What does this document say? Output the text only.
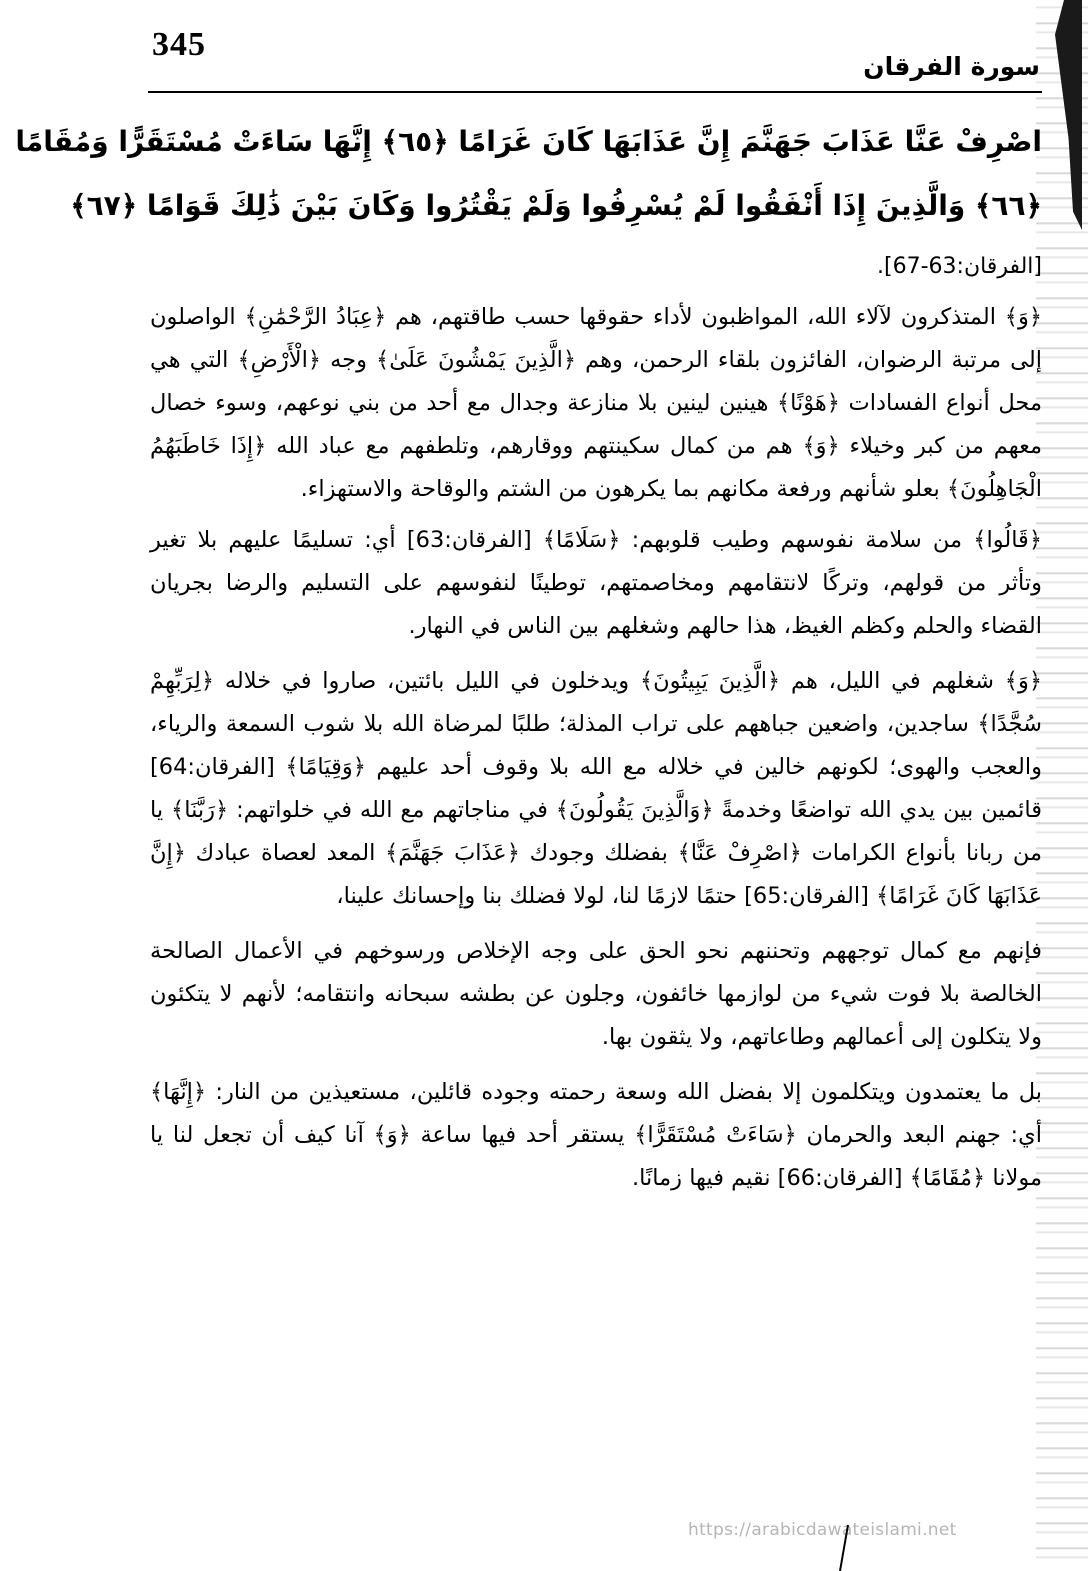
345
سورة الفرقان
اصْرِفْ عَنَّا عَذَابَ جَهَنَّمَ إِنَّ عَذَابَهَا كَانَ غَرَامًا ﴿٦٥﴾ إِنَّهَا سَاءَتْ مُسْتَقَرًّا وَمُقَامًا
﴿٦٦﴾ وَالَّذِينَ إِذَا أَنْفَقُوا لَمْ يُسْرِفُوا وَلَمْ يَقْتُرُوا وَكَانَ بَيْنَ ذَٰلِكَ قَوَامًا ﴿٦٧﴾
[الفرقان:63-67].

﴿وَ﴾ المتذكرون لآلاء الله، المواظبون لأداء حقوقها حسب طاقتهم، هم ﴿عِبَادُ الرَّحْمَٰنِ﴾ الواصلون إلى مرتبة الرضوان، الفائزون بلقاء الرحمن، وهم ﴿الَّذِينَ يَمْشُونَ عَلَىٰ﴾ وجه ﴿الْأَرْضِ﴾ التي هي محل أنواع الفسادات ﴿هَوْنًا﴾ هينين لينين بلا منازعة وجدال مع أحد من بني نوعهم، وسوء خصال معهم من كبر وخيلاء ﴿وَ﴾ هم من كمال سكينتهم ووقارهم، وتلطفهم مع عباد الله ﴿إِذَا خَاطَبَهُمُ الْجَاهِلُونَ﴾ بعلو شأنهم ورفعة مكانهم بما يكرهون من الشتم والوقاحة والاستهزاء.

﴿قَالُوا﴾ من سلامة نفوسهم وطيب قلوبهم: ﴿سَلَامًا﴾ [الفرقان:63] أي: تسليمًا عليهم بلا تغير وتأثر من قولهم، وتركًا لانتقامهم ومخاصمتهم، توطينًا لنفوسهم على التسليم والرضا بجريان القضاء والحلم وكظم الغيظ، هذا حالهم وشغلهم بين الناس في النهار.

﴿وَ﴾ شغلهم في الليل، هم ﴿الَّذِينَ يَبِيتُونَ﴾ ويدخلون في الليل بائتين، صاروا في خلاله ﴿لِرَبِّهِمْ سُجَّدًا﴾ ساجدين، واضعين جباههم على تراب المذلة؛ طلبًا لمرضاة الله بلا شوب السمعة والرياء، والعجب والهوى؛ لكونهم خالين في خلاله مع الله بلا وقوف أحد عليهم ﴿وَقِيَامًا﴾ [الفرقان:64] قائمين بين يدي الله تواضعًا وخدمةً ﴿وَالَّذِينَ يَقُولُونَ﴾ في مناجاتهم مع الله في خلواتهم: ﴿رَبَّنَا﴾ يا من ربانا بأنواع الكرامات ﴿اصْرِفْ عَنَّا﴾ بفضلك وجودك ﴿عَذَابَ جَهَنَّمَ﴾ المعد لعصاة عبادك ﴿إِنَّ عَذَابَهَا كَانَ غَرَامًا﴾ [الفرقان:65] حتمًا لازمًا لنا، لولا فضلك بنا وإحسانك علينا،

فإنهم مع كمال توجههم وتحننهم نحو الحق على وجه الإخلاص ورسوخهم في الأعمال الصالحة الخالصة بلا فوت شيء من لوازمها خائفون، وجلون عن بطشه سبحانه وانتقامه؛ لأنهم لا يتكئون ولا يتكلون إلى أعمالهم وطاعاتهم، ولا يثقون بها.

بل ما يعتمدون ويتكلمون إلا بفضل الله وسعة رحمته وجوده قائلين، مستعيذين من النار: ﴿إِنَّهَا﴾ أي: جهنم البعد والحرمان ﴿سَاءَتْ مُسْتَقَرًّا﴾ يستقر أحد فيها ساعة ﴿وَ﴾ آنا كيف أن تجعل لنا يا مولانا ﴿مُقَامًا﴾ [الفرقان:66] نقيم فيها زمانًا.

https://arabicdawateislami.net
